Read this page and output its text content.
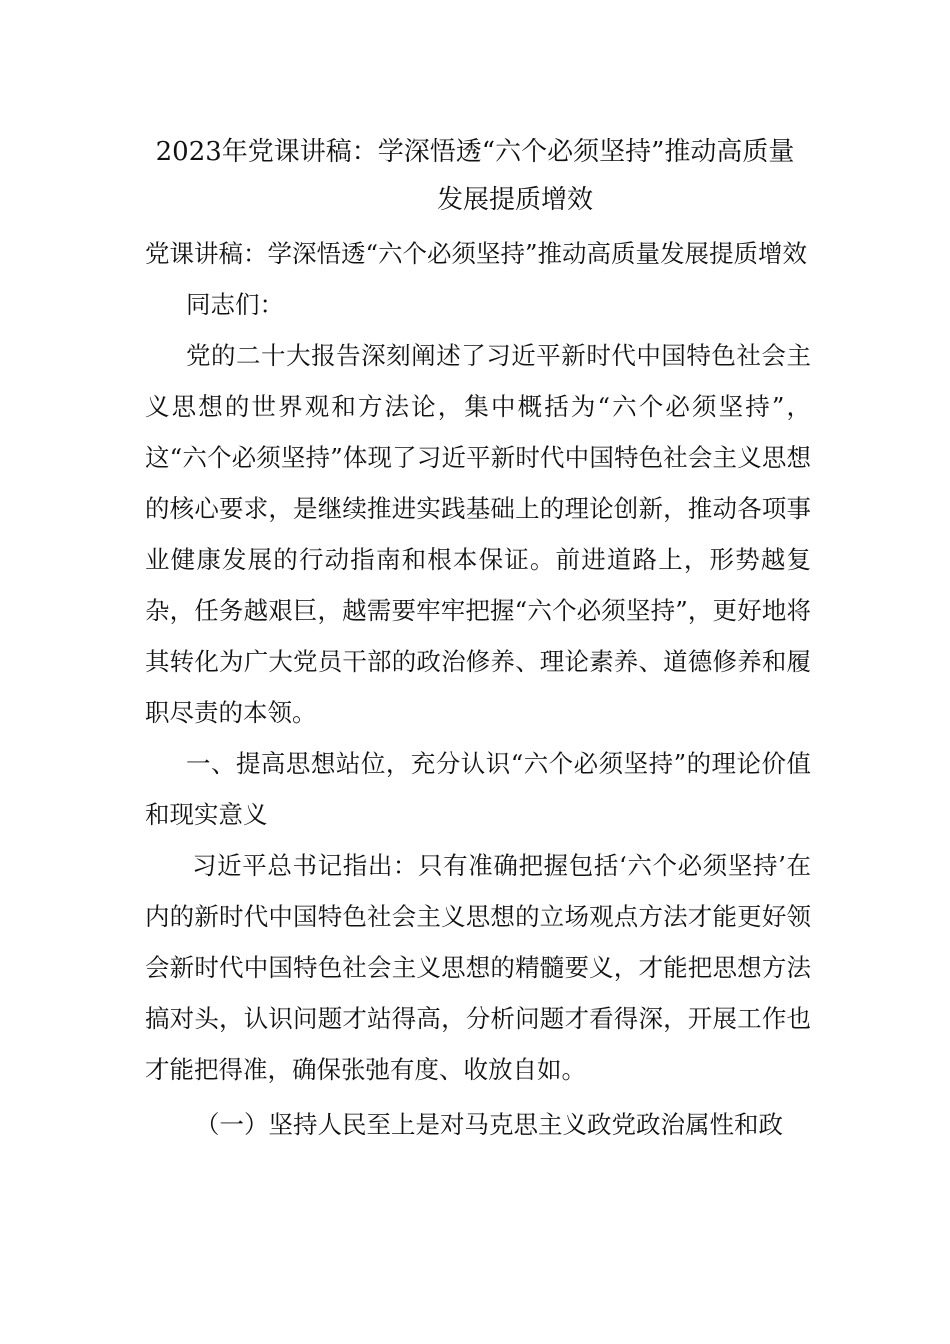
2023年党课讲稿：学深悟透“六个必须坚持”推动高质量
发展提质增效

党课讲稿：学深悟透“六个必须坚持”推动高质量发展提质增效

同志们：

党的二十大报告深刻阐述了习近平新时代中国特色社会主义思想的世界观和方法论，集中概括为“六个必须坚持”，这“六个必须坚持”体现了习近平新时代中国特色社会主义思想的核心要求，是继续推进实践基础上的理论创新，推动各项事业健康发展的行动指南和根本保证。前进道路上，形势越复杂，任务越艰巨，越需要牢牢把握“六个必须坚持”，更好地将其转化为广大党员干部的政治修养、理论素养、道德修养和履职尽责的本领。

一、提高思想站位，充分认识“六个必须坚持”的理论价值和现实意义

习近平总书记指出：只有准确把握包括‘六个必须坚持’在内的新时代中国特色社会主义思想的立场观点方法才能更好领会新时代中国特色社会主义思想的精髓要义，才能把思想方法搞对头，认识问题才站得高，分析问题才看得深，开展工作也才能把得准，确保张弛有度、收放自如。

（一）坚持人民至上是对马克思主义政党政治属性和政
